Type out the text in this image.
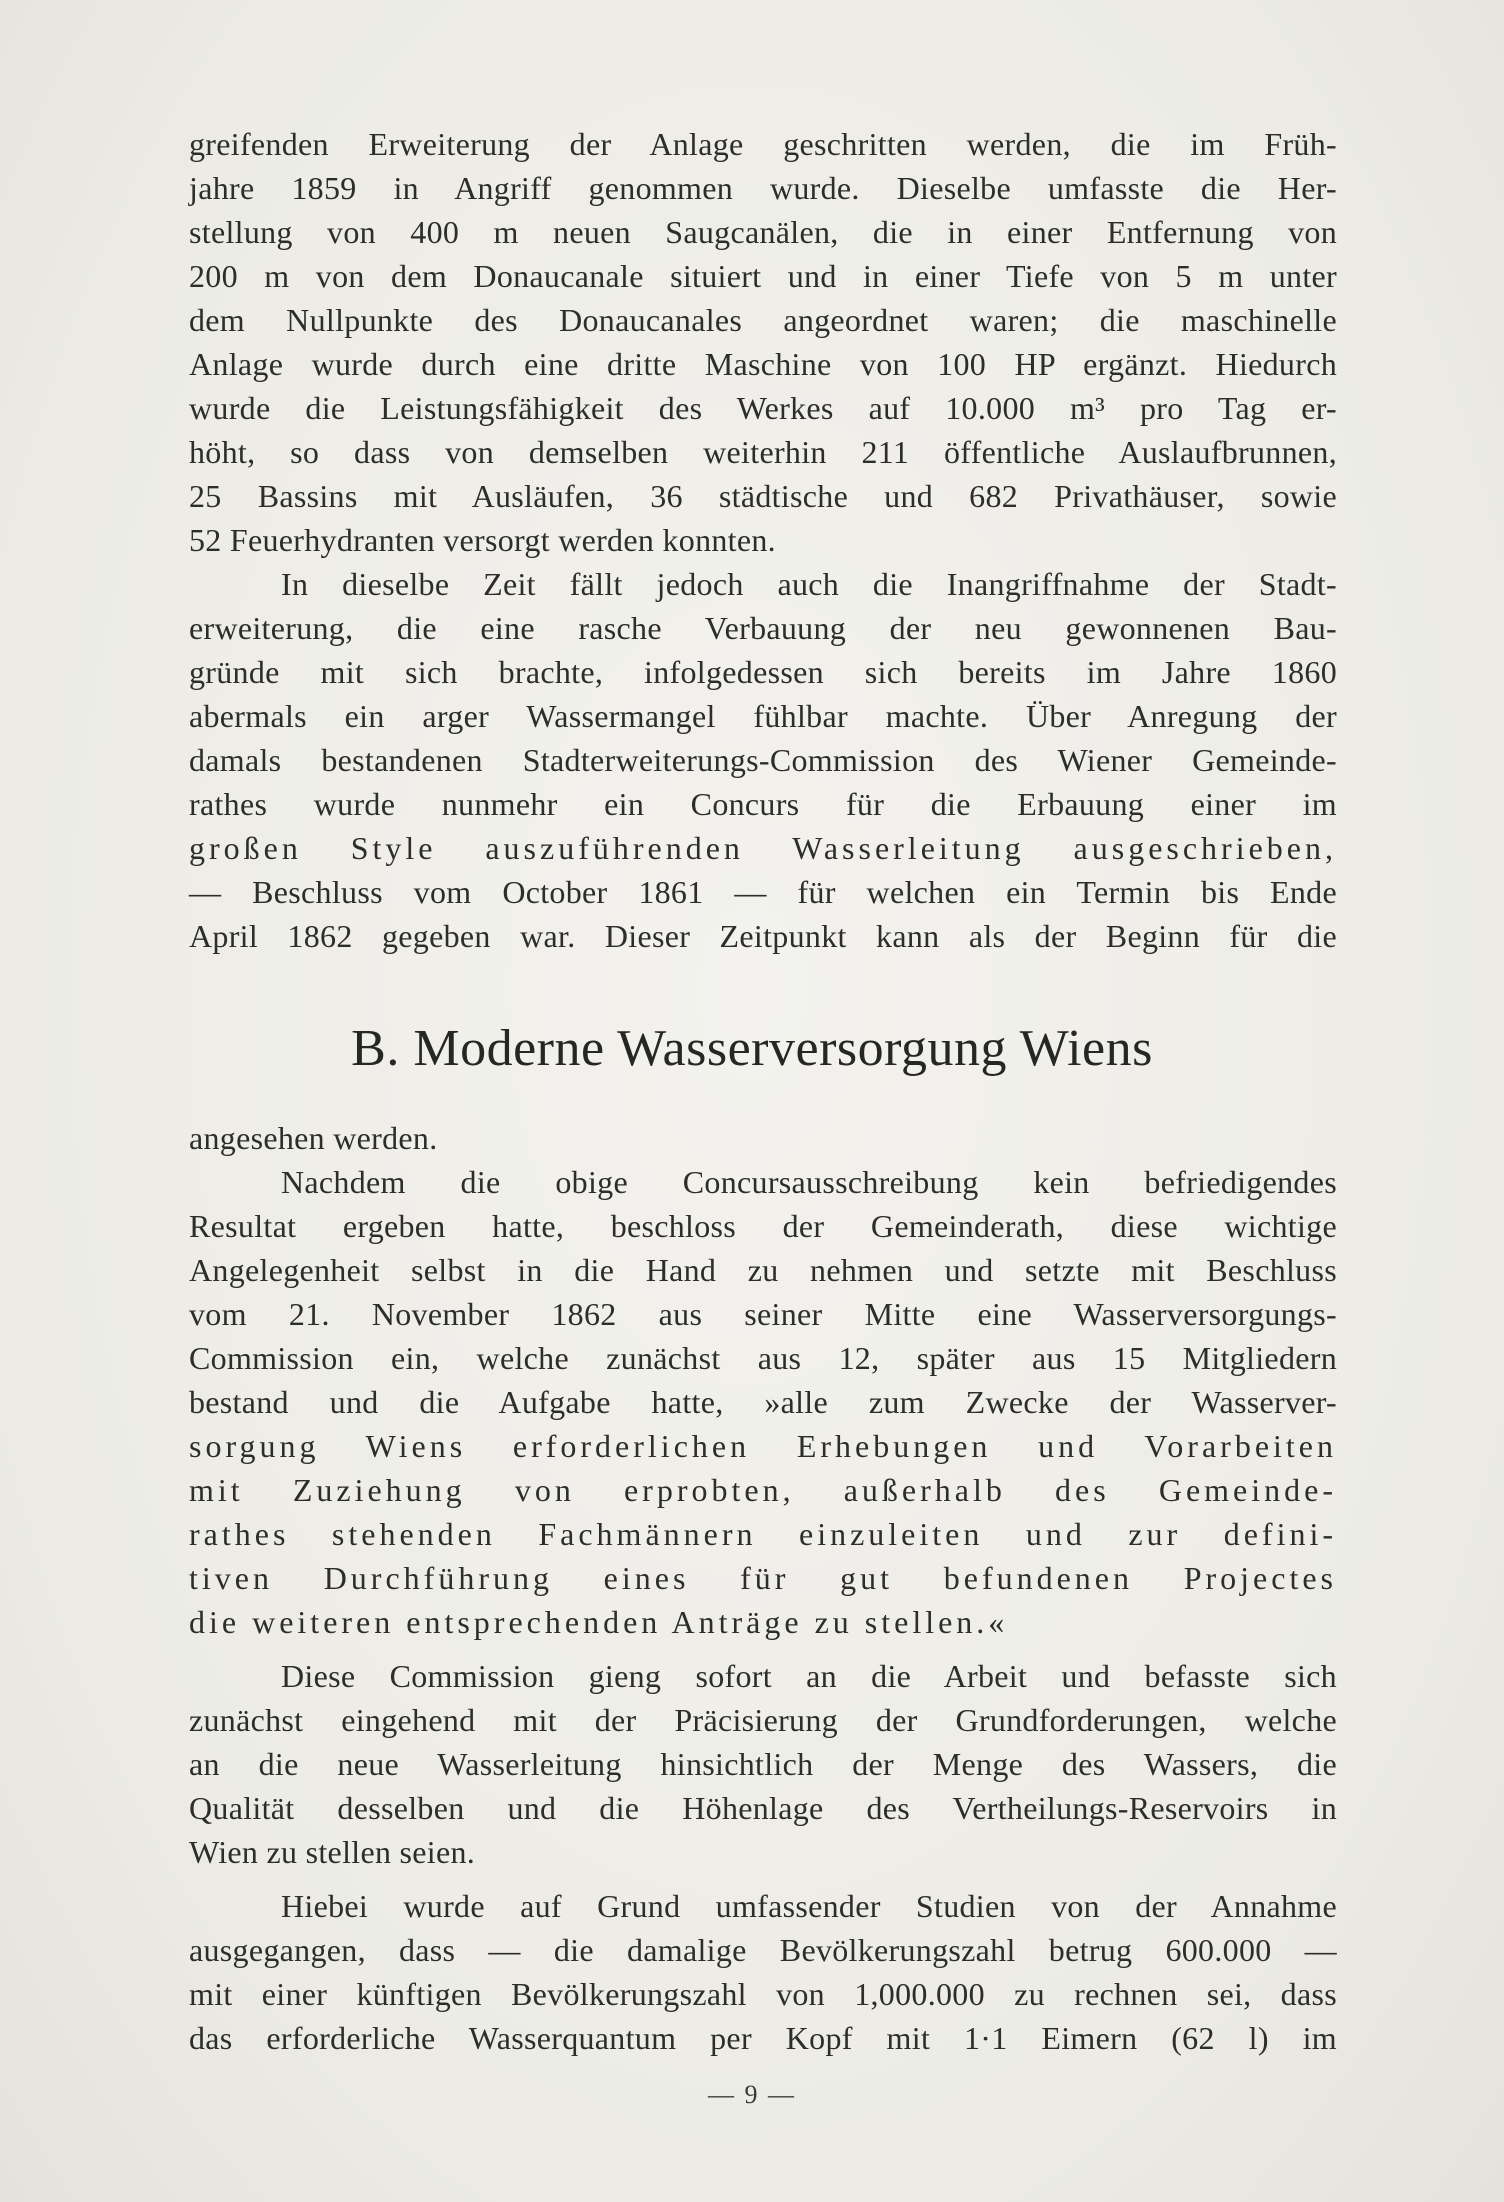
greifenden Erweiterung der Anlage geschritten werden, die im Früh-
jahre 1859 in Angriff genommen wurde. Dieselbe umfasste die Her-
stellung von 400 m neuen Saugcanälen, die in einer Entfernung von
200 m von dem Donaucanale situiert und in einer Tiefe von 5 m unter
dem Nullpunkte des Donaucanales angeordnet waren; die maschinelle
Anlage wurde durch eine dritte Maschine von 100 HP ergänzt. Hiedurch
wurde die Leistungsfähigkeit des Werkes auf 10.000 m³ pro Tag er-
höht, so dass von demselben weiterhin 211 öffentliche Auslaufbrunnen,
25 Bassins mit Ausläufen, 36 städtische und 682 Privathäuser, sowie
52 Feuerhydranten versorgt werden konnten.
In dieselbe Zeit fällt jedoch auch die Inangriffnahme der Stadt-
erweiterung, die eine rasche Verbauung der neu gewonnenen Bau-
gründe mit sich brachte, infolgedessen sich bereits im Jahre 1860
abermals ein arger Wassermangel fühlbar machte. Über Anregung der
damals bestandenen Stadterweiterungs-Commission des Wiener Gemeinde-
rathes wurde nunmehr ein Concurs für die Erbauung einer im
großen Style auszuführenden Wasserleitung ausgeschrieben,
— Beschluss vom October 1861 — für welchen ein Termin bis Ende
April 1862 gegeben war. Dieser Zeitpunkt kann als der Beginn für die
B. Moderne Wasserversorgung Wiens
angesehen werden.
Nachdem die obige Concursausschreibung kein befriedigendes
Resultat ergeben hatte, beschloss der Gemeinderath, diese wichtige
Angelegenheit selbst in die Hand zu nehmen und setzte mit Beschluss
vom 21. November 1862 aus seiner Mitte eine Wasserversorgungs-
Commission ein, welche zunächst aus 12, später aus 15 Mitgliedern
bestand und die Aufgabe hatte, »alle zum Zwecke der Wasserver-
sorgung Wiens erforderlichen Erhebungen und Vorarbeiten
mit Zuziehung von erprobten, außerhalb des Gemeinde-
rathes stehenden Fachmännern einzuleiten und zur defini-
tiven Durchführung eines für gut befundenen Projectes
die weiteren entsprechenden Anträge zu stellen.«
Diese Commission gieng sofort an die Arbeit und befasste sich
zunächst eingehend mit der Präcisierung der Grundforderungen, welche
an die neue Wasserleitung hinsichtlich der Menge des Wassers, die
Qualität desselben und die Höhenlage des Vertheilungs-Reservoirs in
Wien zu stellen seien.
Hiebei wurde auf Grund umfassender Studien von der Annahme
ausgegangen, dass — die damalige Bevölkerungszahl betrug 600.000 —
mit einer künftigen Bevölkerungszahl von 1,000.000 zu rechnen sei, dass
das erforderliche Wasserquantum per Kopf mit 1·1 Eimern (62 l) im
— 9 —
